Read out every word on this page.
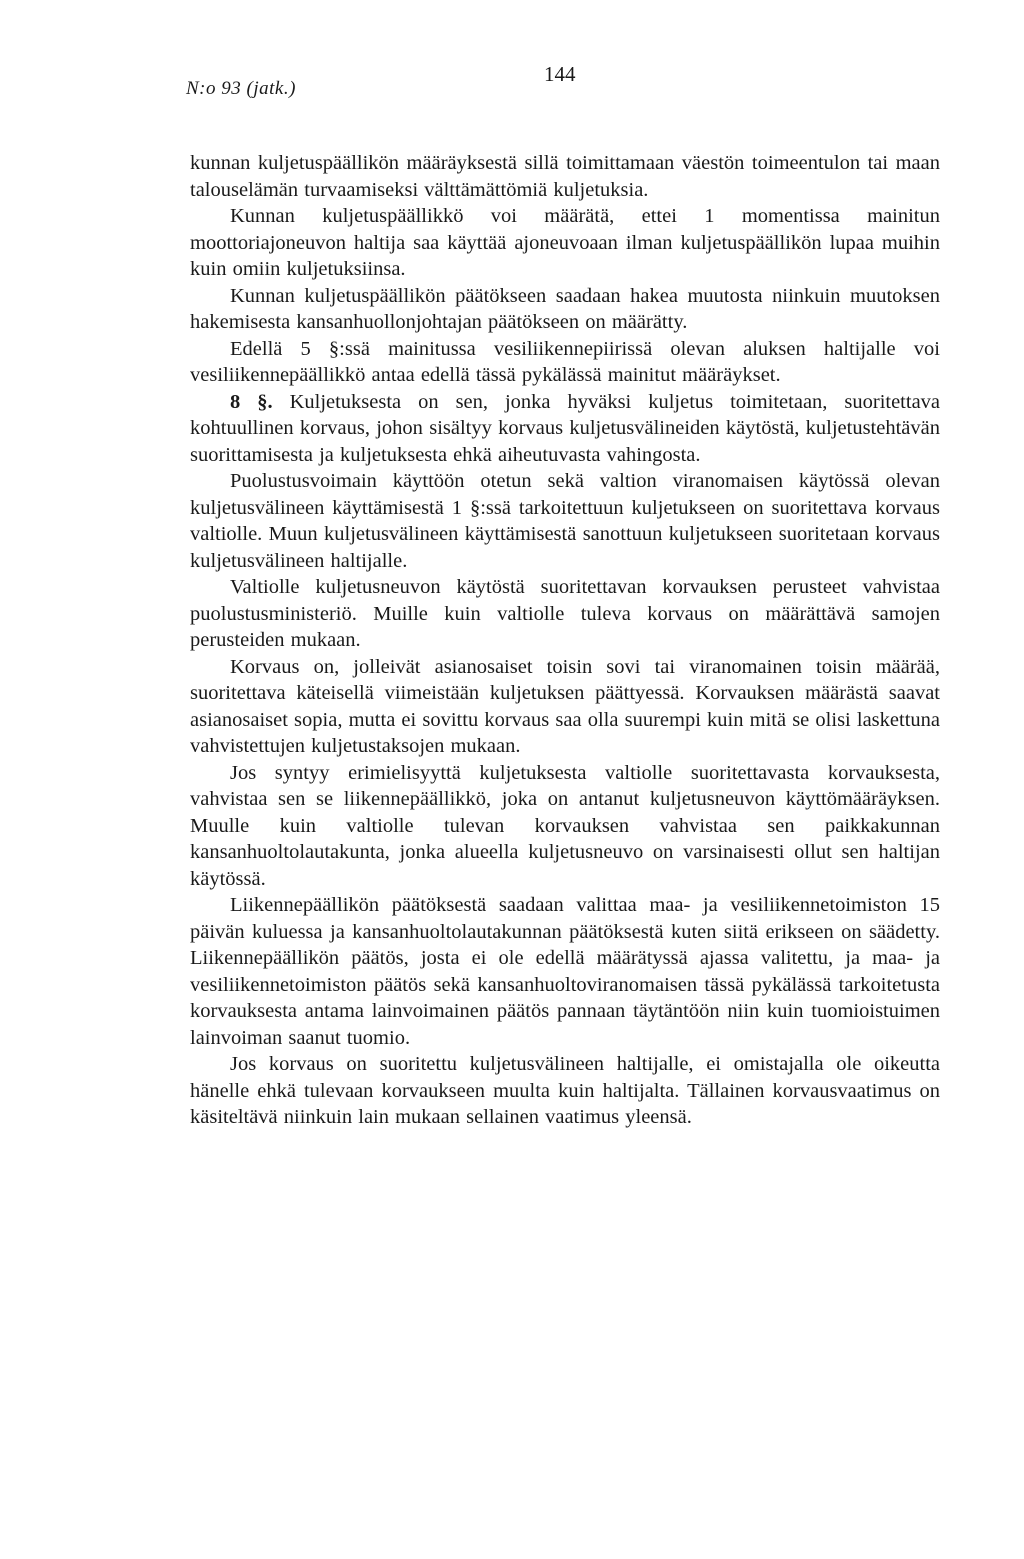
N:o 93 (jatk.)
144

kunnan kuljetuspäällikön määräyksestä sillä toimittamaan väestön toimeentulon tai maan talouselämän turvaamiseksi välttämättömiä kuljetuksia.

Kunnan kuljetuspäällikkö voi määrätä, ettei 1 momentissa mainitun moottoriajoneuvon haltija saa käyttää ajoneuvoaan ilman kuljetuspäällikön lupaa muihin kuin omiin kuljetuksiinsa.

Kunnan kuljetuspäällikön päätökseen saadaan hakea muutosta niinkuin muutoksen hakemisesta kansanhuollonjohtajan päätökseen on määrätty.

Edellä 5 §:ssä mainitussa vesiliikennepiirissä olevan aluksen haltijalle voi vesiliikennepäällikkö antaa edellä tässä pykälässä mainitut määräykset.

8 §. Kuljetuksesta on sen, jonka hyväksi kuljetus toimitetaan, suoritettava kohtuullinen korvaus, johon sisältyy korvaus kuljetusvälineiden käytöstä, kuljetustehtävän suorittamisesta ja kuljetuksesta ehkä aiheutuvasta vahingosta.

Puolustusvoimain käyttöön otetun sekä valtion viranomaisen käytössä olevan kuljetusvälineen käyttämisestä 1 §:ssä tarkoitettuun kuljetukseen on suoritettava korvaus valtiolle. Muun kuljetusvälineen käyttämisestä sanottuun kuljetukseen suoritetaan korvaus kuljetusvälineen haltijalle.

Valtiolle kuljetusneuvon käytöstä suoritettavan korvauksen perusteet vahvistaa puolustusministeriö. Muille kuin valtiolle tuleva korvaus on määrättävä samojen perusteiden mukaan.

Korvaus on, jolleivät asianosaiset toisin sovi tai viranomainen toisin määrää, suoritettava käteisellä viimeistään kuljetuksen päättyessä. Korvauksen määrästä saavat asianosaiset sopia, mutta ei sovittu korvaus saa olla suurempi kuin mitä se olisi laskettuna vahvistettujen kuljetustaksojen mukaan.

Jos syntyy erimielisyyttä kuljetuksesta valtiolle suoritettavasta korvauksesta, vahvistaa sen se liikennepäällikkö, joka on antanut kuljetusneuvon käyttömääräyksen. Muulle kuin valtiolle tulevan korvauksen vahvistaa sen paikkakunnan kansanhuoltolautakunta, jonka alueella kuljetusneuvo on varsinaisesti ollut sen haltijan käytössä.

Liikennepäällikön päätöksestä saadaan valittaa maa- ja vesiliikennetoimiston 15 päivän kuluessa ja kansanhuoltolautakunnan päätöksestä kuten siitä erikseen on säädetty. Liikennepäällikön päätös, josta ei ole edellä määrätyssä ajassa valitettu, ja maa- ja vesiliikennetoimiston päätös sekä kansanhuoltoviranomaisen tässä pykälässä tarkoitetusta korvauksesta antama lainvoimainen päätös pannaan täytäntöön niin kuin tuomioistuimen lainvoiman saanut tuomio.

Jos korvaus on suoritettu kuljetusvälineen haltijalle, ei omistajalla ole oikeutta hänelle ehkä tulevaan korvaukseen muulta kuin haltijalta. Tällainen korvausvaatimus on käsiteltävä niinkuin lain mukaan sellainen vaatimus yleensä.
